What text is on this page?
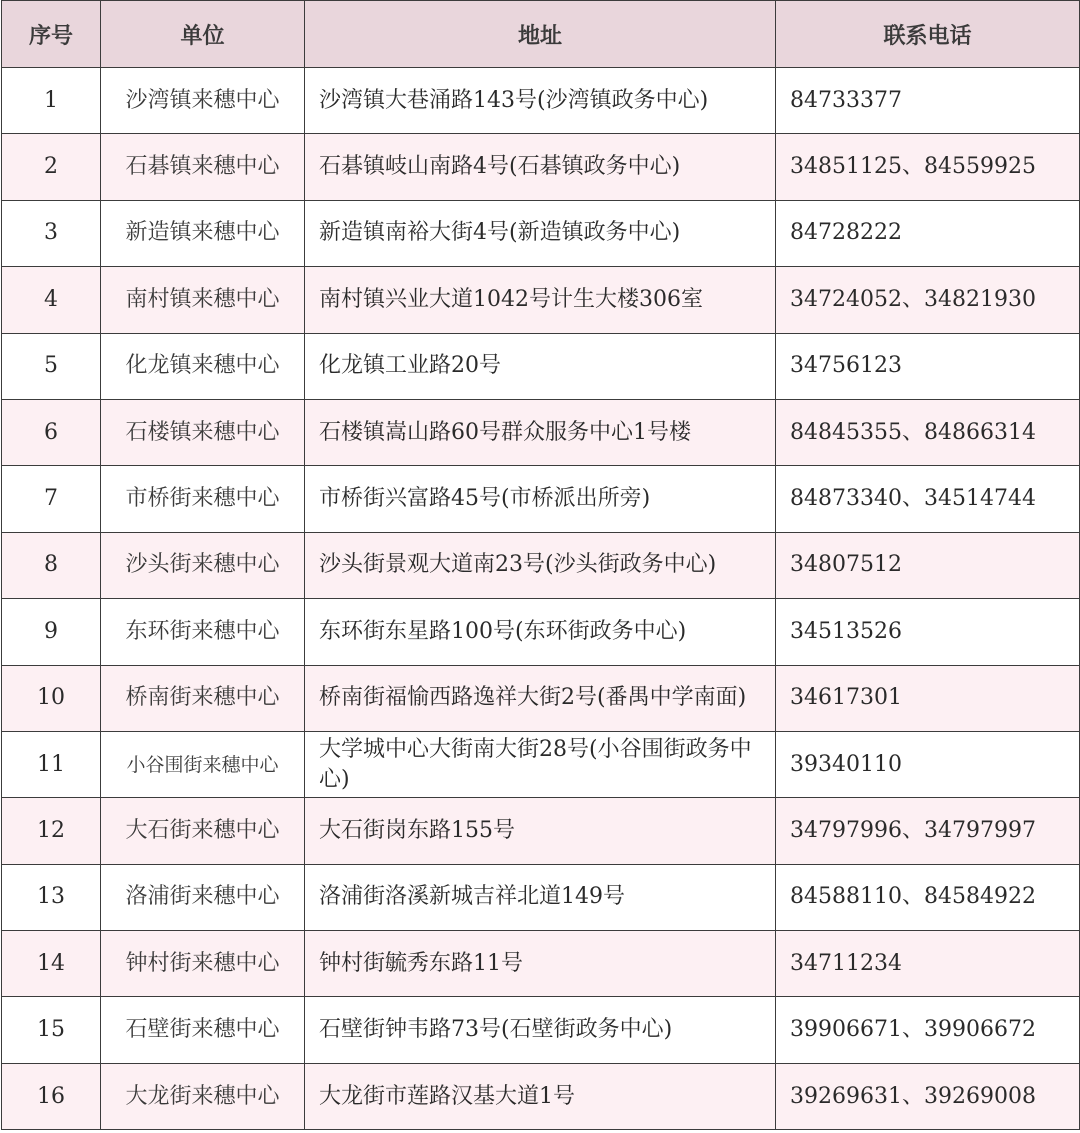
序号	单位	地址	联系电话
1	沙湾镇来穗中心	沙湾镇大巷涌路143号(沙湾镇政务中心)	84733377
2	石碁镇来穗中心	石碁镇岐山南路4号(石碁镇政务中心)	34851125、84559925
3	新造镇来穗中心	新造镇南裕大街4号(新造镇政务中心)	84728222
4	南村镇来穗中心	南村镇兴业大道1042号计生大楼306室	34724052、34821930
5	化龙镇来穗中心	化龙镇工业路20号	34756123
6	石楼镇来穗中心	石楼镇嵩山路60号群众服务中心1号楼	84845355、84866314
7	市桥街来穗中心	市桥街兴富路45号(市桥派出所旁)	84873340、34514744
8	沙头街来穗中心	沙头街景观大道南23号(沙头街政务中心)	34807512
9	东环街来穗中心	东环街东星路100号(东环街政务中心)	34513526
10	桥南街来穗中心	桥南街福愉西路逸祥大街2号(番禺中学南面)	34617301
11	小谷围街来穗中心	大学城中心大街南大街28号(小谷围街政务中心)	39340110
12	大石街来穗中心	大石街岗东路155号	34797996、34797997
13	洛浦街来穗中心	洛浦街洛溪新城吉祥北道149号	84588110、84584922
14	钟村街来穗中心	钟村街毓秀东路11号	34711234
15	石壁街来穗中心	石壁街钟韦路73号(石壁街政务中心)	39906671、39906672
16	大龙街来穗中心	大龙街市莲路汉基大道1号	39269631、39269008
